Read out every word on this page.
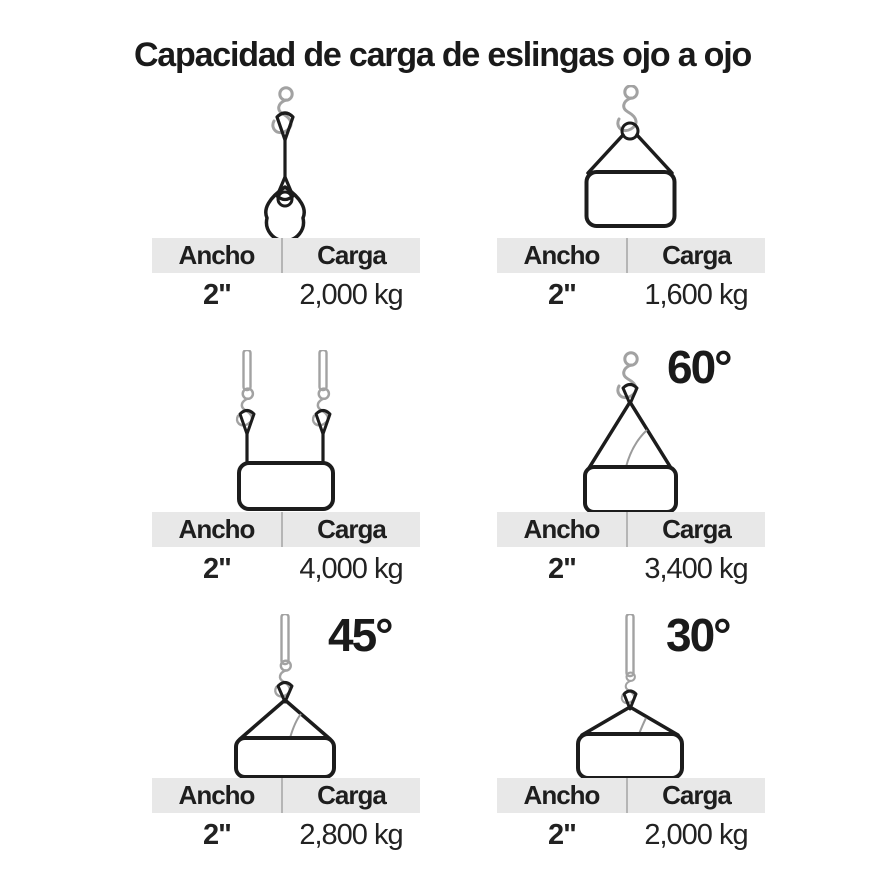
Capacidad de carga de eslingas ojo a ojo
Ancho	Carga
2"	2,000 kg
Ancho	Carga
2"	1,600 kg
Ancho	Carga
2"	4,000 kg
60°
Ancho	Carga
2"	3,400 kg
45°
Ancho	Carga
2"	2,800 kg
30°
Ancho	Carga
2"	2,000 kg
